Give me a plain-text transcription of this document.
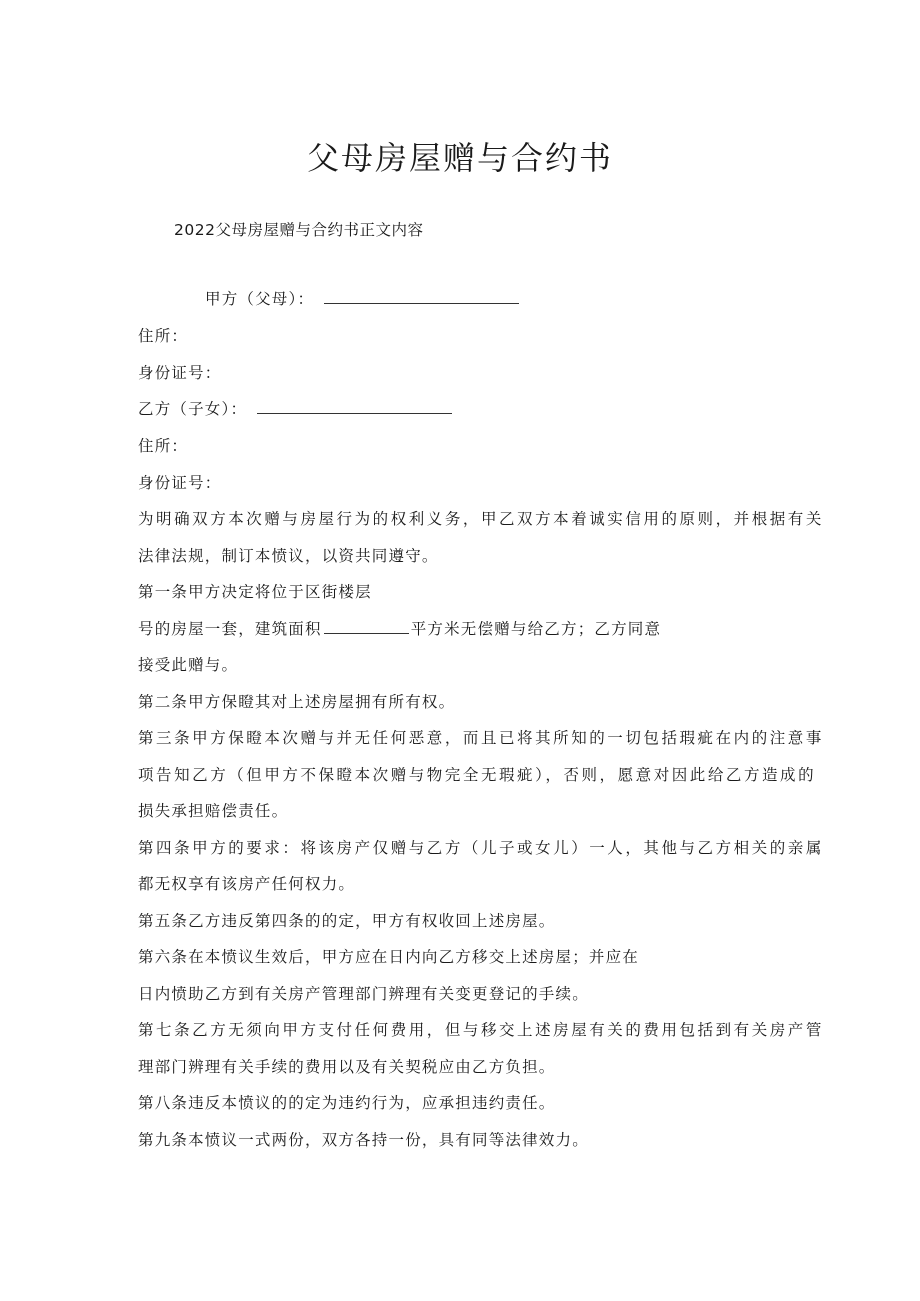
父母房屋赠与合约书
2022父母房屋赠与合约书正文内容
甲方（父母）：
住所：
身份证号：
乙方（子女）：
住所：
身份证号：
为明确双方本次赠与房屋行为的权利义务，甲乙双方本着诚实信用的原则，并根据有关
法律法规，制订本愤议，以资共同遵守。
第一条甲方决定将位于区街楼层
号的房屋一套，建筑面积	平方米无偿赠与给乙方；乙方同意
接受此赠与。
第二条甲方保瞪其对上述房屋拥有所有权。
第三条甲方保瞪本次赠与并无任何恶意，而且已将其所知的一切包括瑕疵在内的注意事
项告知乙方（但甲方不保瞪本次赠与物完全无瑕疵），否则，愿意对因此给乙方造成的
损失承担赔偿责任。
第四条甲方的要求：将该房产仅赠与乙方（儿子或女儿）一人，其他与乙方相关的亲属
都无权享有该房产任何权力。
第五条乙方违反第四条的的定，甲方有权收回上述房屋。
第六条在本愤议生效后，甲方应在日内向乙方移交上述房屋；并应在
日内愤助乙方到有关房产管理部门辨理有关变更登记的手续。
第七条乙方无须向甲方支付任何费用，但与移交上述房屋有关的费用包括到有关房产管
理部门辨理有关手续的费用以及有关契税应由乙方负担。
第八条违反本愤议的的定为违约行为，应承担违约责任。
第九条本愤议一式两份，双方各持一份，具有同等法律效力。
